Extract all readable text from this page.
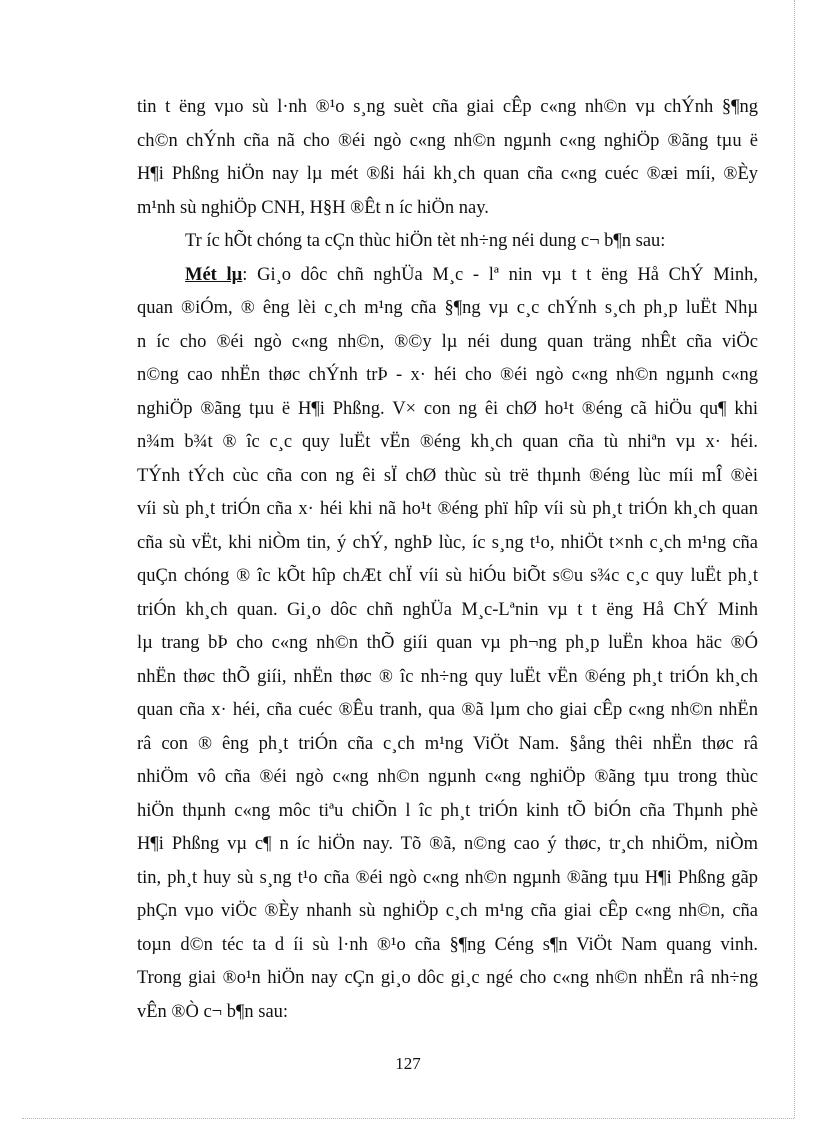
tin t ëng vµo sù l·nh ®¹o s¸ng suèt cña giai cÊp c«ng nh©n vµ chÝnh §¶ng
ch©n chÝnh cña nã cho ®éi ngò c«ng nh©n ngµnh c«ng nghiÖp ®ãng tµu ë
H¶i Phßng hiÖn nay lµ mét ®ßi hái kh¸ch quan cña c«ng cuéc ®æi míi, ®Èy
m¹nh sù nghiÖp CNH, H§H ®Êt n íc hiÖn nay.
Tr íc hÕt chóng ta cÇn thùc hiÖn tèt nh÷ng néi dung c¬ b¶n sau:
Mét lµ: Gi¸o dôc chñ nghÜa M¸c - lª nin vµ t t ëng Hå ChÝ Minh,
quan ®iÓm, ® êng lèi c¸ch m¹ng cña §¶ng vµ c¸c chÝnh s¸ch ph¸p luËt Nhµ
n íc cho ®éi ngò c«ng nh©n, ®©y lµ néi dung quan träng nhÊt cña viÖc
n©ng cao nhËn thøc chÝnh trÞ - x· héi cho ®éi ngò c«ng nh©n ngµnh c«ng
nghiÖp ®ãng tµu ë H¶i Phßng. V× con ng êi chØ ho¹t ®éng cã hiÖu qu¶ khi
n¾m b¾t ® îc c¸c quy luËt vËn ®éng kh¸ch quan cña tù nhiªn vµ x· héi.
TÝnh tÝch cùc cña con ng êi sÏ chØ thùc sù trë thµnh ®éng lùc míi mÎ ®èi
víi sù ph¸t triÓn cña x· héi khi nã ho¹t ®éng phï hîp víi sù ph¸t triÓn kh¸ch quan
cña sù vËt, khi niÒm tin, ý chÝ, nghÞ lùc, íc s¸ng t¹o, nhiÖt t×nh c¸ch m¹ng cña
quÇn chóng ® îc kÕt hîp chÆt chÏ víi sù hiÓu biÕt s©u s¾c c¸c quy luËt ph¸t
triÓn kh¸ch quan. Gi¸o dôc chñ nghÜa M¸c-Lªnin vµ t t ëng Hå ChÝ Minh
lµ trang bÞ cho c«ng nh©n thÕ giíi quan vµ ph¬ng ph¸p luËn khoa häc ®Ó
nhËn thøc thÕ giíi, nhËn thøc ® îc nh÷ng quy luËt vËn ®éng ph¸t triÓn kh¸ch
quan cña x· héi, cña cuéc ®Êu tranh, qua ®ã lµm cho giai cÊp c«ng nh©n nhËn
râ con ® êng ph¸t triÓn cña c¸ch m¹ng ViÖt Nam. §ång thêi nhËn thøc râ
nhiÖm vô cña ®éi ngò c«ng nh©n ngµnh c«ng nghiÖp ®ãng tµu trong thùc
hiÖn thµnh c«ng môc tiªu chiÕn l îc ph¸t triÓn kinh tÕ biÓn cña Thµnh phè
H¶i Phßng vµ c¶ n íc hiÖn nay. Tõ ®ã, n©ng cao ý thøc, tr¸ch nhiÖm, niÒm
tin, ph¸t huy sù s¸ng t¹o cña ®éi ngò c«ng nh©n ngµnh ®ãng tµu H¶i Phßng gãp
phÇn vµo viÖc ®Èy nhanh sù nghiÖp c¸ch m¹ng cña giai cÊp c«ng nh©n, cña
toµn d©n téc ta d íi sù l·nh ®¹o cña §¶ng Céng s¶n ViÖt Nam quang vinh.
Trong giai ®o¹n hiÖn nay cÇn gi¸o dôc gi¸c ngé cho c«ng nh©n nhËn râ nh÷ng
vÊn ®Ò c¬ b¶n sau:
127
